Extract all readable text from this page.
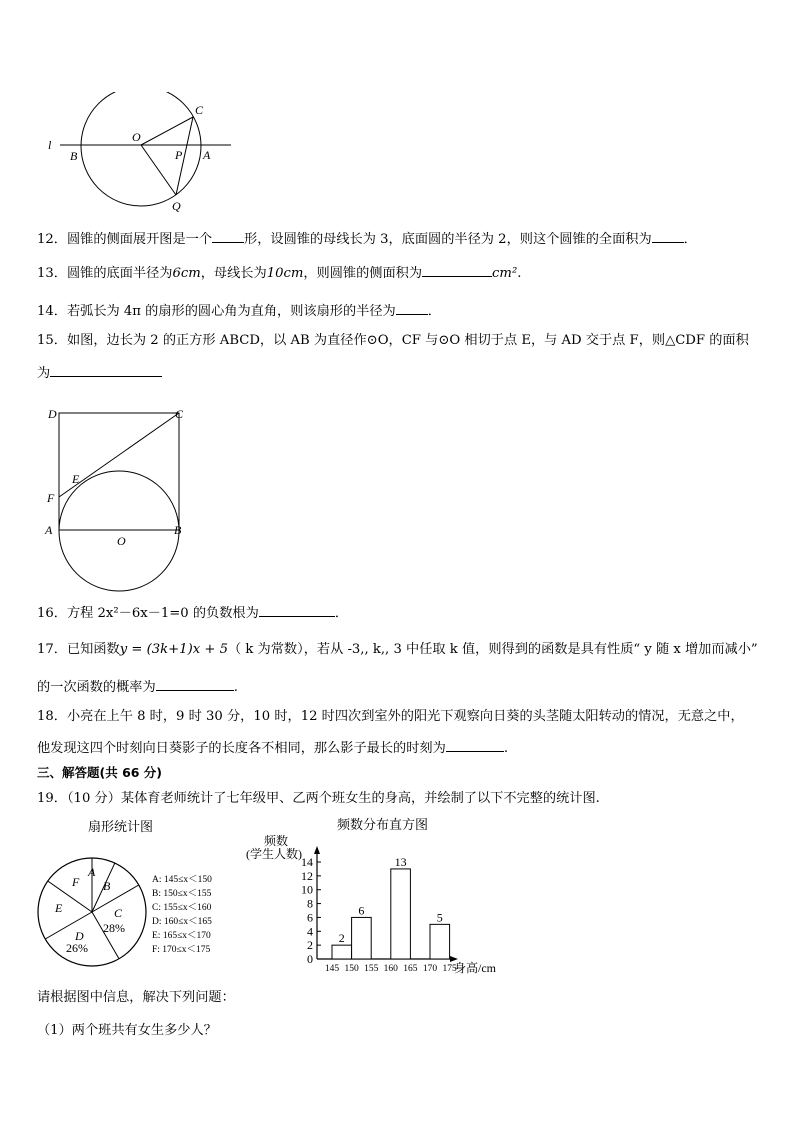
l
B
O
P A
C
Q
12．圆锥的侧面展开图是一个 形，设圆锥的母线长为 3，底面圆的半径为 2，则这个圆锥的全面积为 ．
13．圆锥的底面半径为6cm，母线长为10cm，则圆锥的侧面积为	cm².
14．若弧长为 4π 的扇形的圆心角为直角，则该扇形的半径为 ．
15．如图，边长为 2 的正方形 ABCD，以 AB 为直径作⊙O，CF 与⊙O 相切于点 E，与 AD 交于点 F，则△CDF 的面积
为
D	C
E
F
A
O
B
16．方程 2x²－6x－1=0 的负数根为	．
17．已知函数y = (3k+1)x + 5（ k 为常数），若从 -3,, k,, 3 中任取 k 值，则得到的函数是具有性质“ y 随 x 增加而减小”
的一次函数的概率为	.
18．小亮在上午 8 时，9 时 30 分，10 时，12 时四次到室外的阳光下观察向日葵的头茎随太阳转动的情况，无意之中，
他发现这四个时刻向日葵影子的长度各不相同，那么影子最长的时刻为	.
三、解答题(共 66 分)
19．（10 分）某体育老师统计了七年级甲、乙两个班女生的身高，并绘制了以下不完整的统计图.
扇形统计图
A
B
C
28%
D
26%
E
F	A: 145≤x＜150
B: 150≤x＜155
C: 155≤x＜160
D: 160≤x＜165
E: 165≤x＜170
F: 170≤x＜175
频数分布直方图
频数
(学生人数)
身高/cm
0
2
4
6
8
10
12
14
145 150 155 160 165 170 175
2
6
13
5
请根据图中信息，解决下列问题：
（1）两个班共有女生多少人？
